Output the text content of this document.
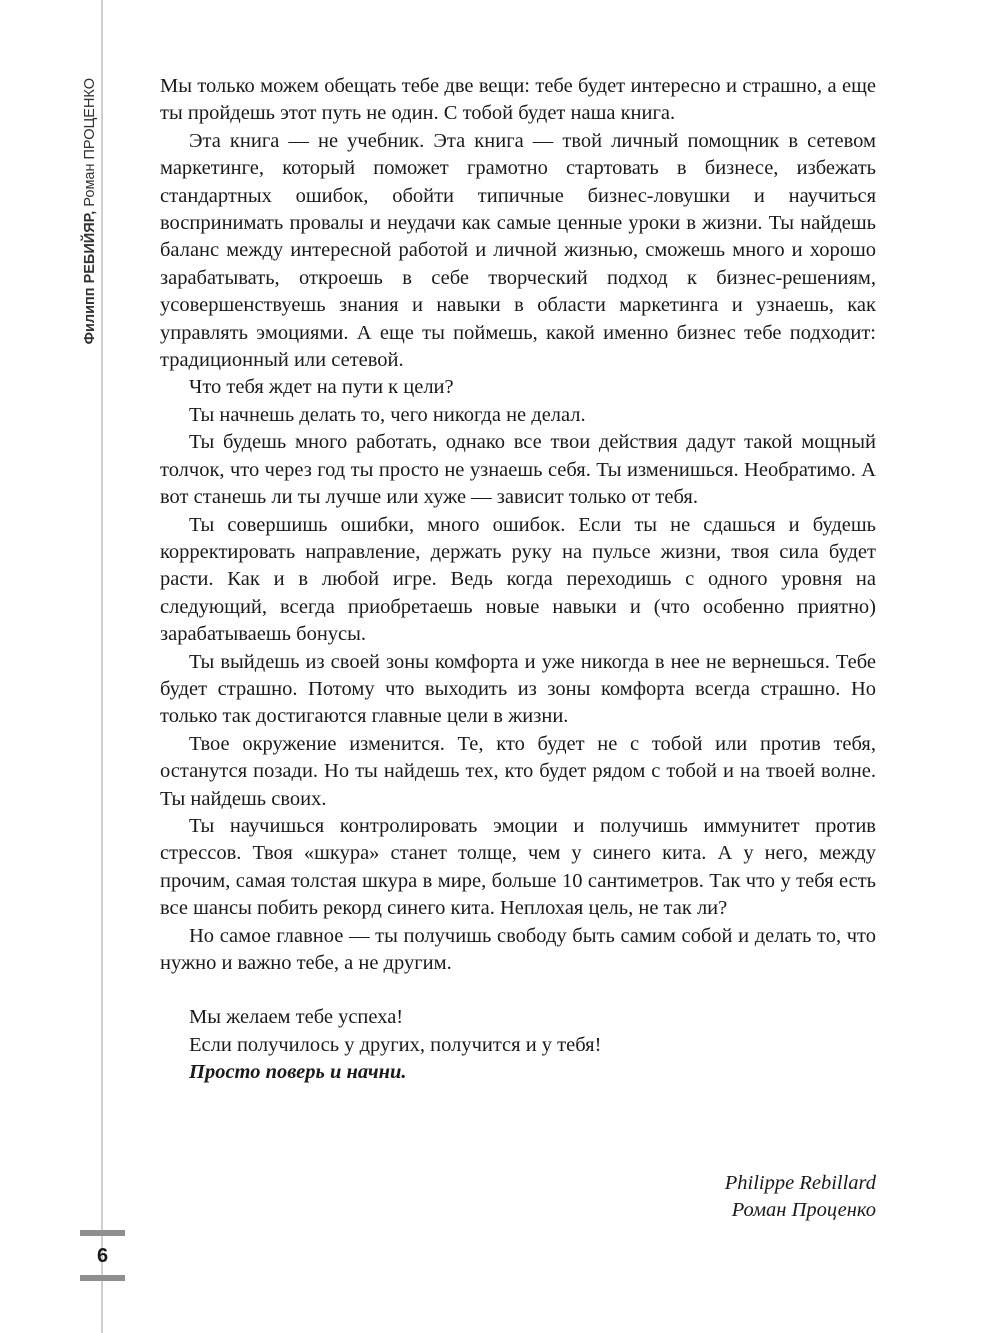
Филипп РЕБИЙЯР, Роман ПРОЦЕНКО
6

Мы только можем обещать тебе две вещи: тебе будет интересно и страшно, а еще ты пройдешь этот путь не один. С тобой будет наша книга.

Эта книга — не учебник. Эта книга — твой личный помощник в сетевом маркетинге, который поможет грамотно стартовать в бизнесе, избежать стандартных ошибок, обойти типичные бизнес-ловушки и научиться воспринимать провалы и неудачи как самые ценные уроки в жизни. Ты найдешь баланс между интересной работой и личной жизнью, сможешь много и хорошо зарабатывать, откроешь в себе творческий подход к бизнес-решениям, усовершенствуешь знания и навыки в области маркетинга и узнаешь, как управлять эмоциями. А еще ты поймешь, какой именно бизнес тебе подходит: традиционный или сетевой.

Что тебя ждет на пути к цели?

Ты начнешь делать то, чего никогда не делал.

Ты будешь много работать, однако все твои действия дадут такой мощный толчок, что через год ты просто не узнаешь себя. Ты изменишься. Необратимо. А вот станешь ли ты лучше или хуже — зависит только от тебя.

Ты совершишь ошибки, много ошибок. Если ты не сдашься и будешь корректировать направление, держать руку на пульсе жизни, твоя сила будет расти. Как и в любой игре. Ведь когда переходишь с одного уровня на следующий, всегда приобретаешь новые навыки и (что особенно приятно) зарабатываешь бонусы.

Ты выйдешь из своей зоны комфорта и уже никогда в нее не вернешься. Тебе будет страшно. Потому что выходить из зоны комфорта всегда страшно. Но только так достигаются главные цели в жизни.

Твое окружение изменится. Те, кто будет не с тобой или против тебя, останутся позади. Но ты найдешь тех, кто будет рядом с тобой и на твоей волне. Ты найдешь своих.

Ты научишься контролировать эмоции и получишь иммунитет против стрессов. Твоя «шкура» станет толще, чем у синего кита. А у него, между прочим, самая толстая шкура в мире, больше 10 сантиметров. Так что у тебя есть все шансы побить рекорд синего кита. Неплохая цель, не так ли?

Но самое главное — ты получишь свободу быть самим собой и делать то, что нужно и важно тебе, а не другим.

Мы желаем тебе успеха!

Если получилось у других, получится и у тебя!

Просто поверь и начни.

Philippe Rebillard
Роман Проценко
